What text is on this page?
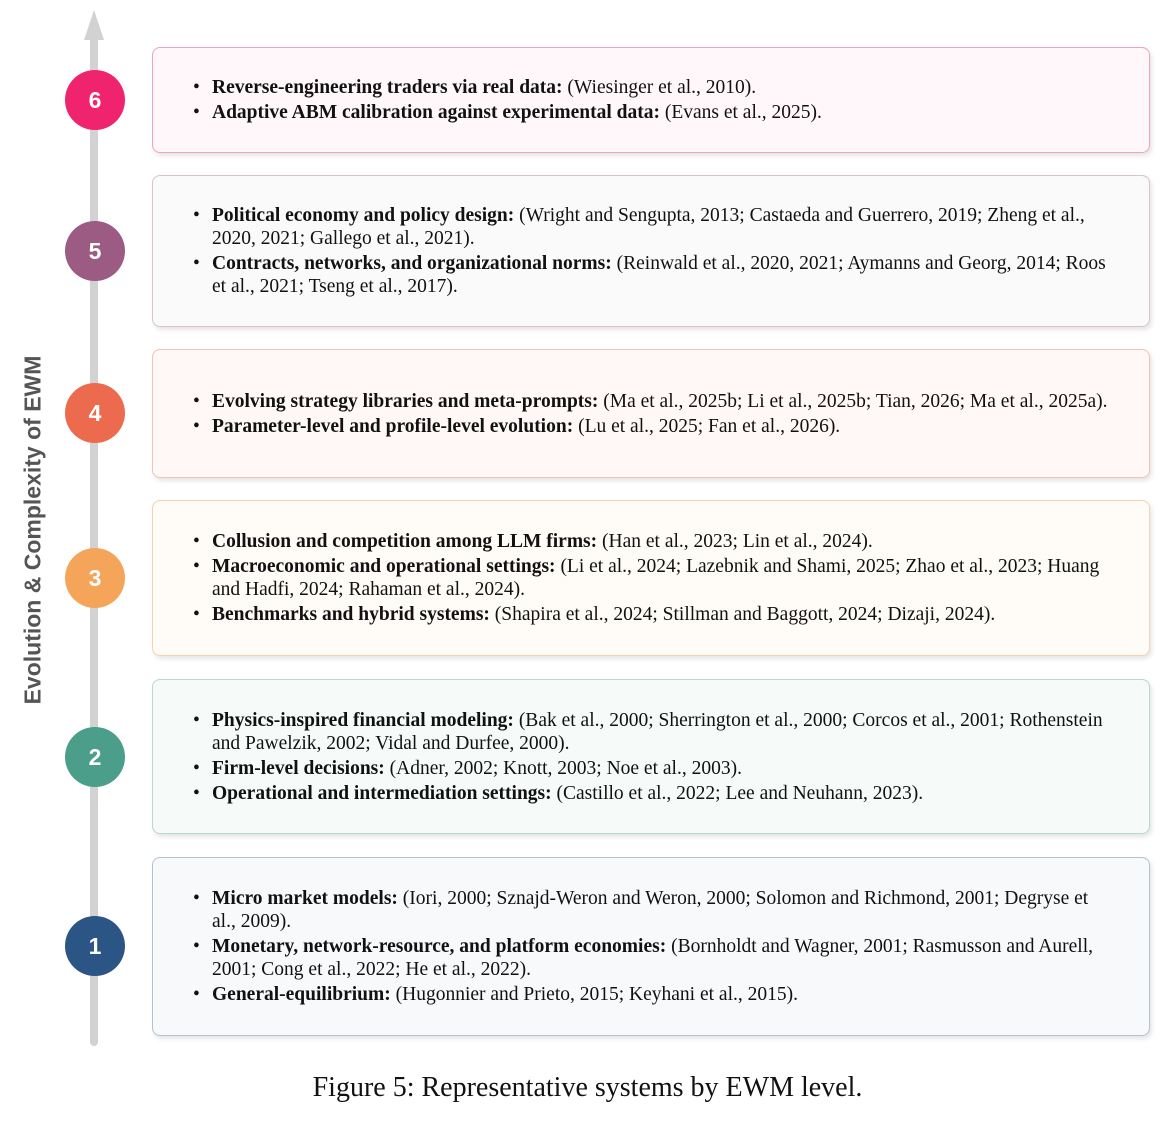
Evolution & Complexity of EWM
6
5
4
3
2
1
• Reverse-engineering traders via real data: (Wiesinger et al., 2010).
• Adaptive ABM calibration against experimental data: (Evans et al., 2025).
• Political economy and policy design: (Wright and Sengupta, 2013; Castaeda and Guerrero, 2019; Zheng et al., 2020, 2021; Gallego et al., 2021).
• Contracts, networks, and organizational norms: (Reinwald et al., 2020, 2021; Aymanns and Georg, 2014; Roos et al., 2021; Tseng et al., 2017).
• Evolving strategy libraries and meta-prompts: (Ma et al., 2025b; Li et al., 2025b; Tian, 2026; Ma et al., 2025a).
• Parameter-level and profile-level evolution: (Lu et al., 2025; Fan et al., 2026).
• Collusion and competition among LLM firms: (Han et al., 2023; Lin et al., 2024).
• Macroeconomic and operational settings: (Li et al., 2024; Lazebnik and Shami, 2025; Zhao et al., 2023; Huang and Hadfi, 2024; Rahaman et al., 2024).
• Benchmarks and hybrid systems: (Shapira et al., 2024; Stillman and Baggott, 2024; Dizaji, 2024).
• Physics-inspired financial modeling: (Bak et al., 2000; Sherrington et al., 2000; Corcos et al., 2001; Rothenstein and Pawelzik, 2002; Vidal and Durfee, 2000).
• Firm-level decisions: (Adner, 2002; Knott, 2003; Noe et al., 2003).
• Operational and intermediation settings: (Castillo et al., 2022; Lee and Neuhann, 2023).
• Micro market models: (Iori, 2000; Sznajd-Weron and Weron, 2000; Solomon and Richmond, 2001; Degryse et al., 2009).
• Monetary, network-resource, and platform economies: (Bornholdt and Wagner, 2001; Rasmusson and Aurell, 2001; Cong et al., 2022; He et al., 2022).
• General-equilibrium: (Hugonnier and Prieto, 2015; Keyhani et al., 2015).
Figure 5: Representative systems by EWM level.
